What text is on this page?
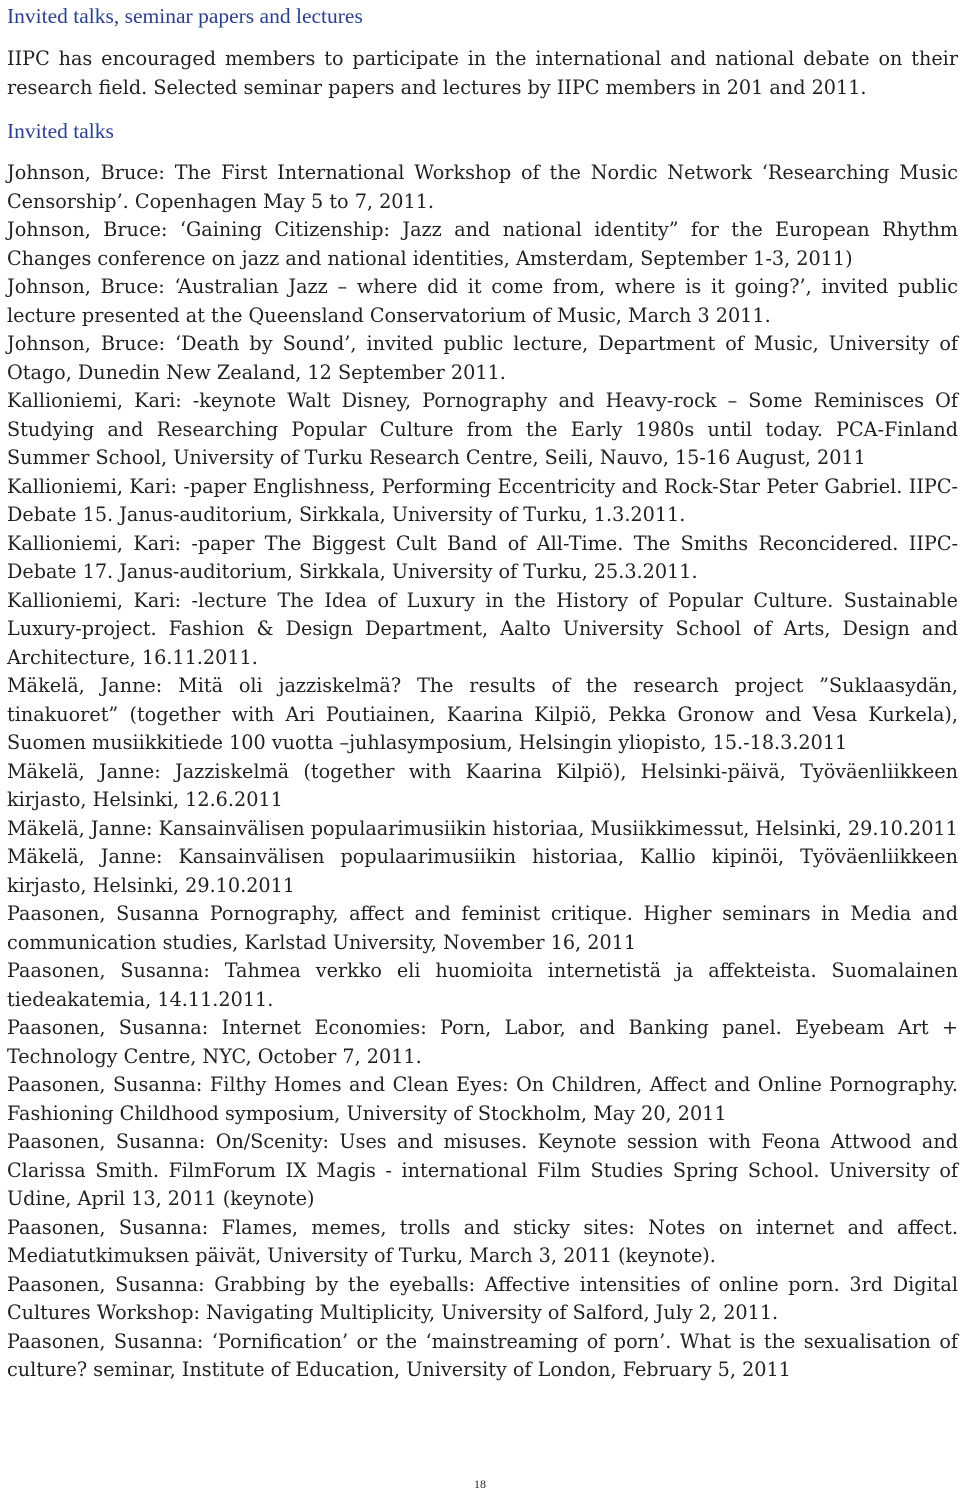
Invited talks, seminar papers and lectures

IIPC has encouraged members to participate in the international and national debate on their research field. Selected seminar papers and lectures by IIPC members in 201 and 2011.

Invited talks

Johnson, Bruce: The First International Workshop of the Nordic Network ‘Researching Music Censorship’. Copenhagen May 5 to 7, 2011.

Johnson, Bruce: ‘Gaining Citizenship: Jazz and national identity” for the European Rhythm Changes conference on jazz and national identities, Amsterdam, September 1-3, 2011)

Johnson, Bruce: ‘Australian Jazz – where did it come from, where is it going?’, invited public lecture presented at the Queensland Conservatorium of Music, March 3 2011.

Johnson, Bruce: ‘Death by Sound’, invited public lecture, Department of Music, University of Otago, Dunedin New Zealand, 12 September 2011.

Kallioniemi, Kari: -keynote Walt Disney, Pornography and Heavy-rock – Some Reminisces Of Studying and Researching Popular Culture from the Early 1980s until today. PCA-Finland Summer School, University of Turku Research Centre, Seili, Nauvo, 15-16 August, 2011

Kallioniemi, Kari: -paper Englishness, Performing Eccentricity and Rock-Star Peter Gabriel. IIPC-Debate 15. Janus-auditorium, Sirkkala, University of Turku, 1.3.2011.

Kallioniemi, Kari: -paper The Biggest Cult Band of All-Time. The Smiths Reconcidered. IIPC-Debate 17. Janus-auditorium, Sirkkala, University of Turku, 25.3.2011.

Kallioniemi, Kari: -lecture The Idea of Luxury in the History of Popular Culture. Sustainable Luxury-project. Fashion & Design Department, Aalto University School of Arts, Design and Architecture, 16.11.2011.

Mäkelä, Janne: Mitä oli jazziskelmä? The results of the research project ”Suklaasydän, tinakuoret” (together with Ari Poutiainen, Kaarina Kilpiö, Pekka Gronow and Vesa Kurkela), Suomen musiikkitiede 100 vuotta –juhlasymposium, Helsingin yliopisto, 15.-18.3.2011

Mäkelä, Janne: Jazziskelmä (together with Kaarina Kilpiö), Helsinki-päivä, Työväenliikkeen kirjasto, Helsinki, 12.6.2011

Mäkelä, Janne: Kansainvälisen populaarimusiikin historiaa, Musiikkimessut, Helsinki, 29.10.2011

Mäkelä, Janne: Kansainvälisen populaarimusiikin historiaa, Kallio kipinöi, Työväenliikkeen kirjasto, Helsinki, 29.10.2011

Paasonen, Susanna Pornography, affect and feminist critique. Higher seminars in Media and communication studies, Karlstad University, November 16, 2011

Paasonen, Susanna: Tahmea verkko eli huomioita internetistä ja affekteista. Suomalainen tiedeakatemia, 14.11.2011.

Paasonen, Susanna: Internet Economies: Porn, Labor, and Banking panel. Eyebeam Art + Technology Centre, NYC, October 7, 2011.

Paasonen, Susanna: Filthy Homes and Clean Eyes: On Children, Affect and Online Pornography. Fashioning Childhood symposium, University of Stockholm, May 20, 2011

Paasonen, Susanna: On/Scenity: Uses and misuses. Keynote session with Feona Attwood and Clarissa Smith. FilmForum IX Magis - international Film Studies Spring School. University of Udine, April 13, 2011 (keynote)

Paasonen, Susanna: Flames, memes, trolls and sticky sites: Notes on internet and affect. Mediatutkimuksen päivät, University of Turku, March 3, 2011 (keynote).

Paasonen, Susanna: Grabbing by the eyeballs: Affective intensities of online porn. 3rd Digital Cultures Workshop: Navigating Multiplicity, University of Salford, July 2, 2011.

Paasonen, Susanna: ‘Pornification’ or the ‘mainstreaming of porn’. What is the sexualisation of culture? seminar, Institute of Education, University of London, February 5, 2011

18
